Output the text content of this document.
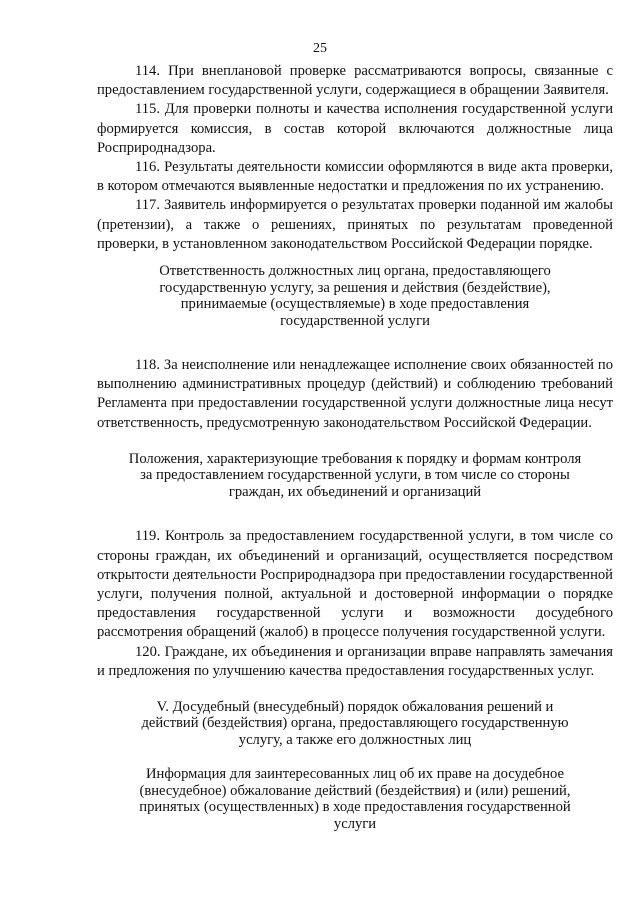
25

114. При внеплановой проверке рассматриваются вопросы, связанные с предоставлением государственной услуги, содержащиеся в обращении Заявителя.

115. Для проверки полноты и качества исполнения государственной услуги формируется комиссия, в состав которой включаются должностные лица Росприроднадзора.

116. Результаты деятельности комиссии оформляются в виде акта проверки, в котором отмечаются выявленные недостатки и предложения по их устранению.

117. Заявитель информируется о результатах проверки поданной им жалобы (претензии), а также о решениях, принятых по результатам проведенной проверки, в установленном законодательством Российской Федерации порядке.

Ответственность должностных лиц органа, предоставляющего государственную услугу, за решения и действия (бездействие), принимаемые (осуществляемые) в ходе предоставления государственной услуги

118. За неисполнение или ненадлежащее исполнение своих обязанностей по выполнению административных процедур (действий) и соблюдению требований Регламента при предоставлении государственной услуги должностные лица несут ответственность, предусмотренную законодательством Российской Федерации.

Положения, характеризующие требования к порядку и формам контроля за предоставлением государственной услуги, в том числе со стороны граждан, их объединений и организаций

119. Контроль за предоставлением государственной услуги, в том числе со стороны граждан, их объединений и организаций, осуществляется посредством открытости деятельности Росприроднадзора при предоставлении государственной услуги, получения полной, актуальной и достоверной информации о порядке предоставления государственной услуги и возможности досудебного рассмотрения обращений (жалоб) в процессе получения государственной услуги.

120. Граждане, их объединения и организации вправе направлять замечания и предложения по улучшению качества предоставления государственных услуг.

V. Досудебный (внесудебный) порядок обжалования решений и действий (бездействия) органа, предоставляющего государственную услугу, а также его должностных лиц

Информация для заинтересованных лиц об их праве на досудебное (внесудебное) обжалование действий (бездействия) и (или) решений, принятых (осуществленных) в ходе предоставления государственной услуги
